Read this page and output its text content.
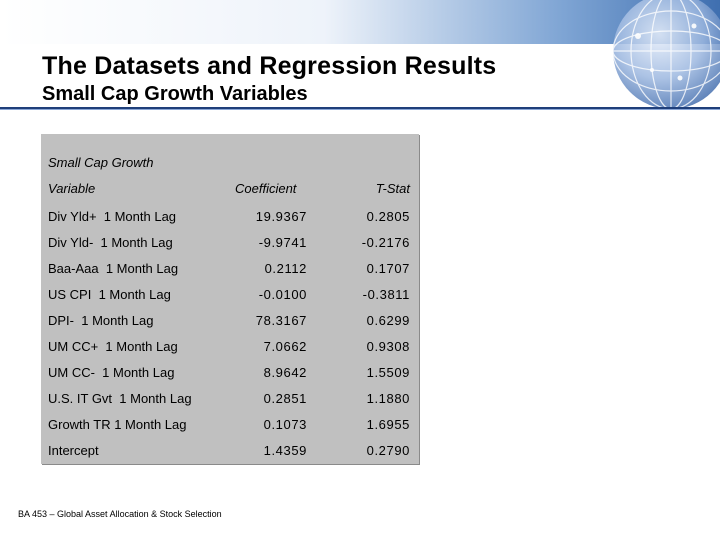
The Datasets and Regression Results
Small Cap Growth Variables
Small Cap Growth
Variable	Coefficient	T-Stat
Div Yld+  1 Month Lag	19.9367	0.2805
Div Yld-  1 Month Lag	-9.9741	-0.2176
Baa-Aaa  1 Month Lag	0.2112	0.1707
US CPI  1 Month Lag	-0.0100	-0.3811
DPI-  1 Month Lag	78.3167	0.6299
UM CC+  1 Month Lag	7.0662	0.9308
UM CC-  1 Month Lag	8.9642	1.5509
U.S. IT Gvt  1 Month Lag	0.2851	1.1880
Growth TR 1 Month Lag	0.1073	1.6955
Intercept	1.4359	0.2790
BA 453 – Global Asset Allocation & Stock Selection
